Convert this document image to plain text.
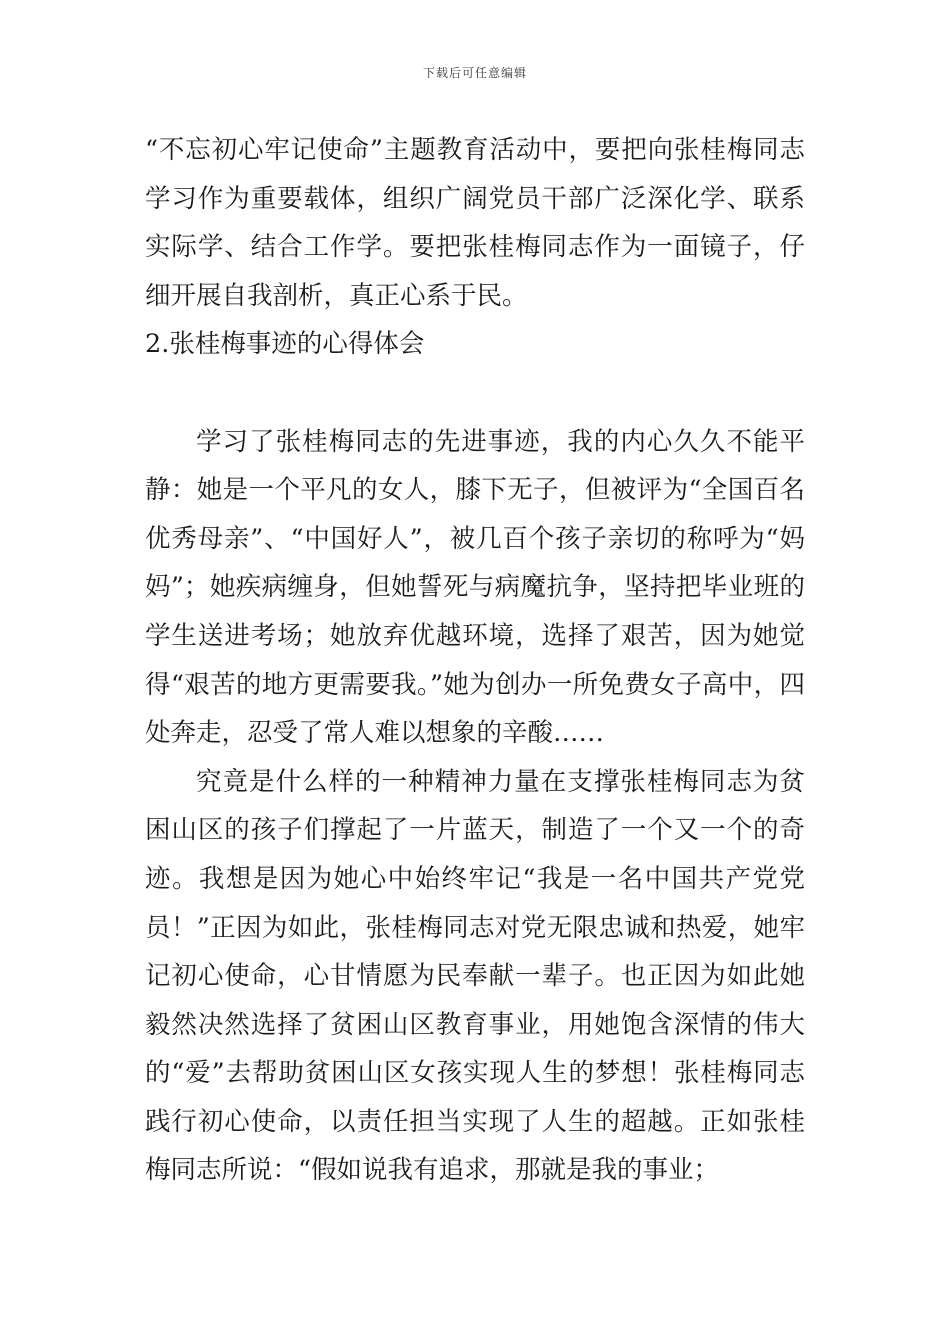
下载后可任意编辑

“不忘初心牢记使命”主题教育活动中，要把向张桂梅同志学习作为重要载体，组织广阔党员干部广泛深化学、联系实际学、结合工作学。要把张桂梅同志作为一面镜子，仔细开展自我剖析，真正心系于民。

2.张桂梅事迹的心得体会

学习了张桂梅同志的先进事迹，我的内心久久不能平静：她是一个平凡的女人，膝下无子，但被评为“全国百名优秀母亲”、“中国好人”，被几百个孩子亲切的称呼为“妈妈”；她疾病缠身，但她誓死与病魔抗争，坚持把毕业班的学生送进考场；她放弃优越环境，选择了艰苦，因为她觉得“艰苦的地方更需要我。”她为创办一所免费女子高中，四处奔走，忍受了常人难以想象的辛酸……

究竟是什么样的一种精神力量在支撑张桂梅同志为贫困山区的孩子们撑起了一片蓝天，制造了一个又一个的奇迹。我想是因为她心中始终牢记“我是一名中国共产党党员！”正因为如此，张桂梅同志对党无限忠诚和热爱，她牢记初心使命，心甘情愿为民奉献一辈子。也正因为如此她毅然决然选择了贫困山区教育事业，用她饱含深情的伟大的“爱”去帮助贫困山区女孩实现人生的梦想！张桂梅同志践行初心使命，以责任担当实现了人生的超越。正如张桂梅同志所说：“假如说我有追求，那就是我的事业；
